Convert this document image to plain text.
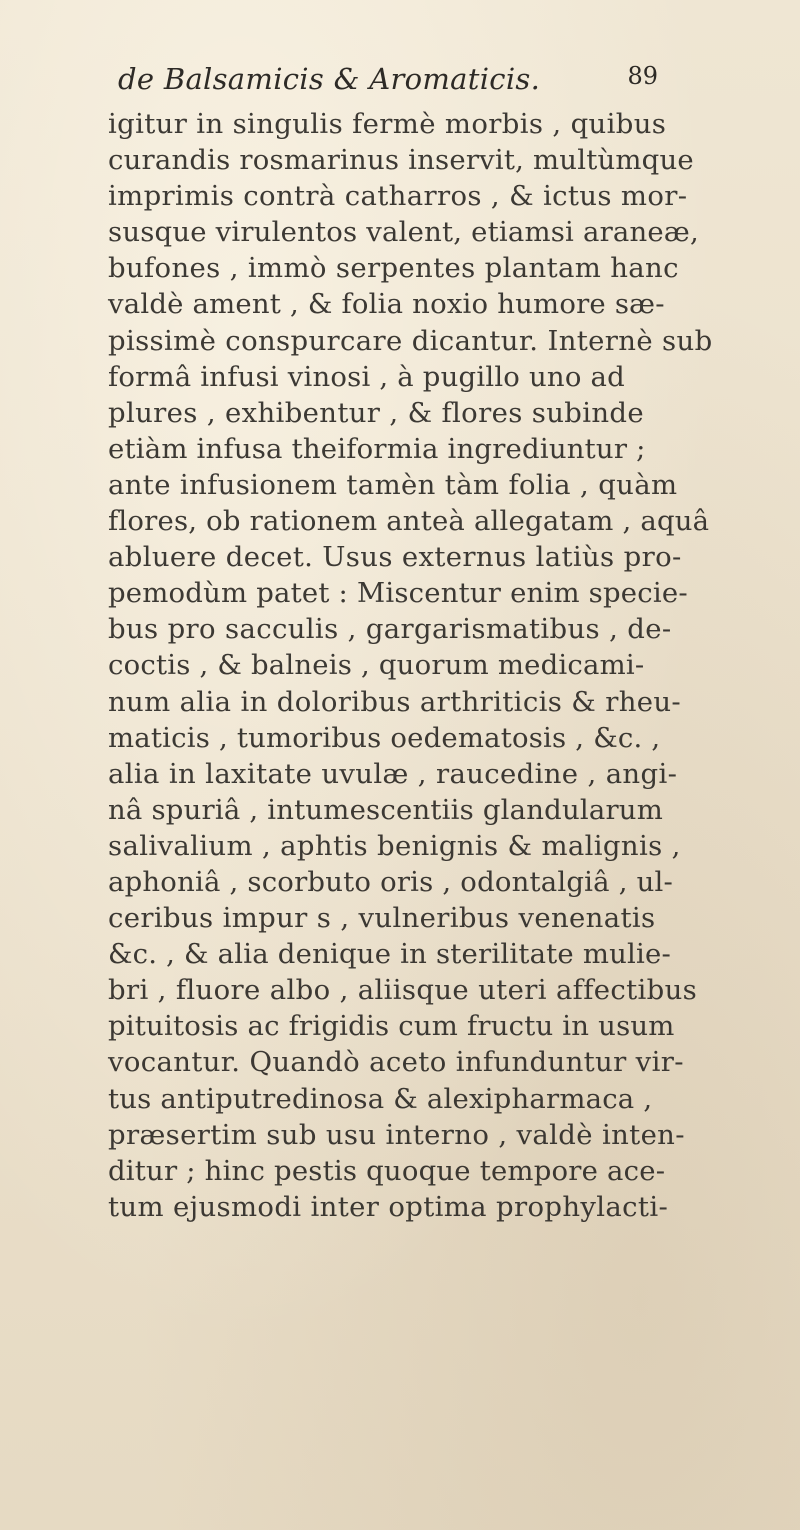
de Balsamicis & Aromaticis.	89
igitur in singulis fermè morbis , quibus
curandis rosmarinus inservit, multùmque
imprimis contrà catharros , & ictus mor-
susque virulentos valent, etiamsi araneæ,
bufones , immò serpentes plantam hanc
valdè ament , & folia noxio humore sæ-
pissimè conspurcare dicantur. Internè sub
formâ infusi vinosi , à pugillo uno ad
plures , exhibentur , & flores subinde
etiàm infusa theiformia ingrediuntur ;
ante infusionem tamèn tàm folia , quàm
flores, ob rationem anteà allegatam , aquâ
abluere decet. Usus externus latiùs pro-
pemodùm patet : Miscentur enim specie-
bus pro sacculis , gargarismatibus , de-
coctis , & balneis , quorum medicami-
num alia in doloribus arthriticis & rheu-
maticis , tumoribus oedematosis , &c. ,
alia in laxitate uvulæ , raucedine , angi-
nâ spuriâ , intumescentiis glandularum
salivalium , aphtis benignis & malignis ,
aphoniâ , scorbuto oris , odontalgiâ , ul-
ceribus impur s , vulneribus venenatis
&c. , & alia denique in sterilitate mulie-
bri , fluore albo , aliisque uteri affectibus
pituitosis ac frigidis cum fructu in usum
vocantur. Quandò aceto infunduntur vir-
tus antiputredinosa & alexipharmaca ,
præsertim sub usu interno , valdè inten-
ditur ; hinc pestis quoque tempore ace-
tum ejusmodi inter optima prophylacti-
